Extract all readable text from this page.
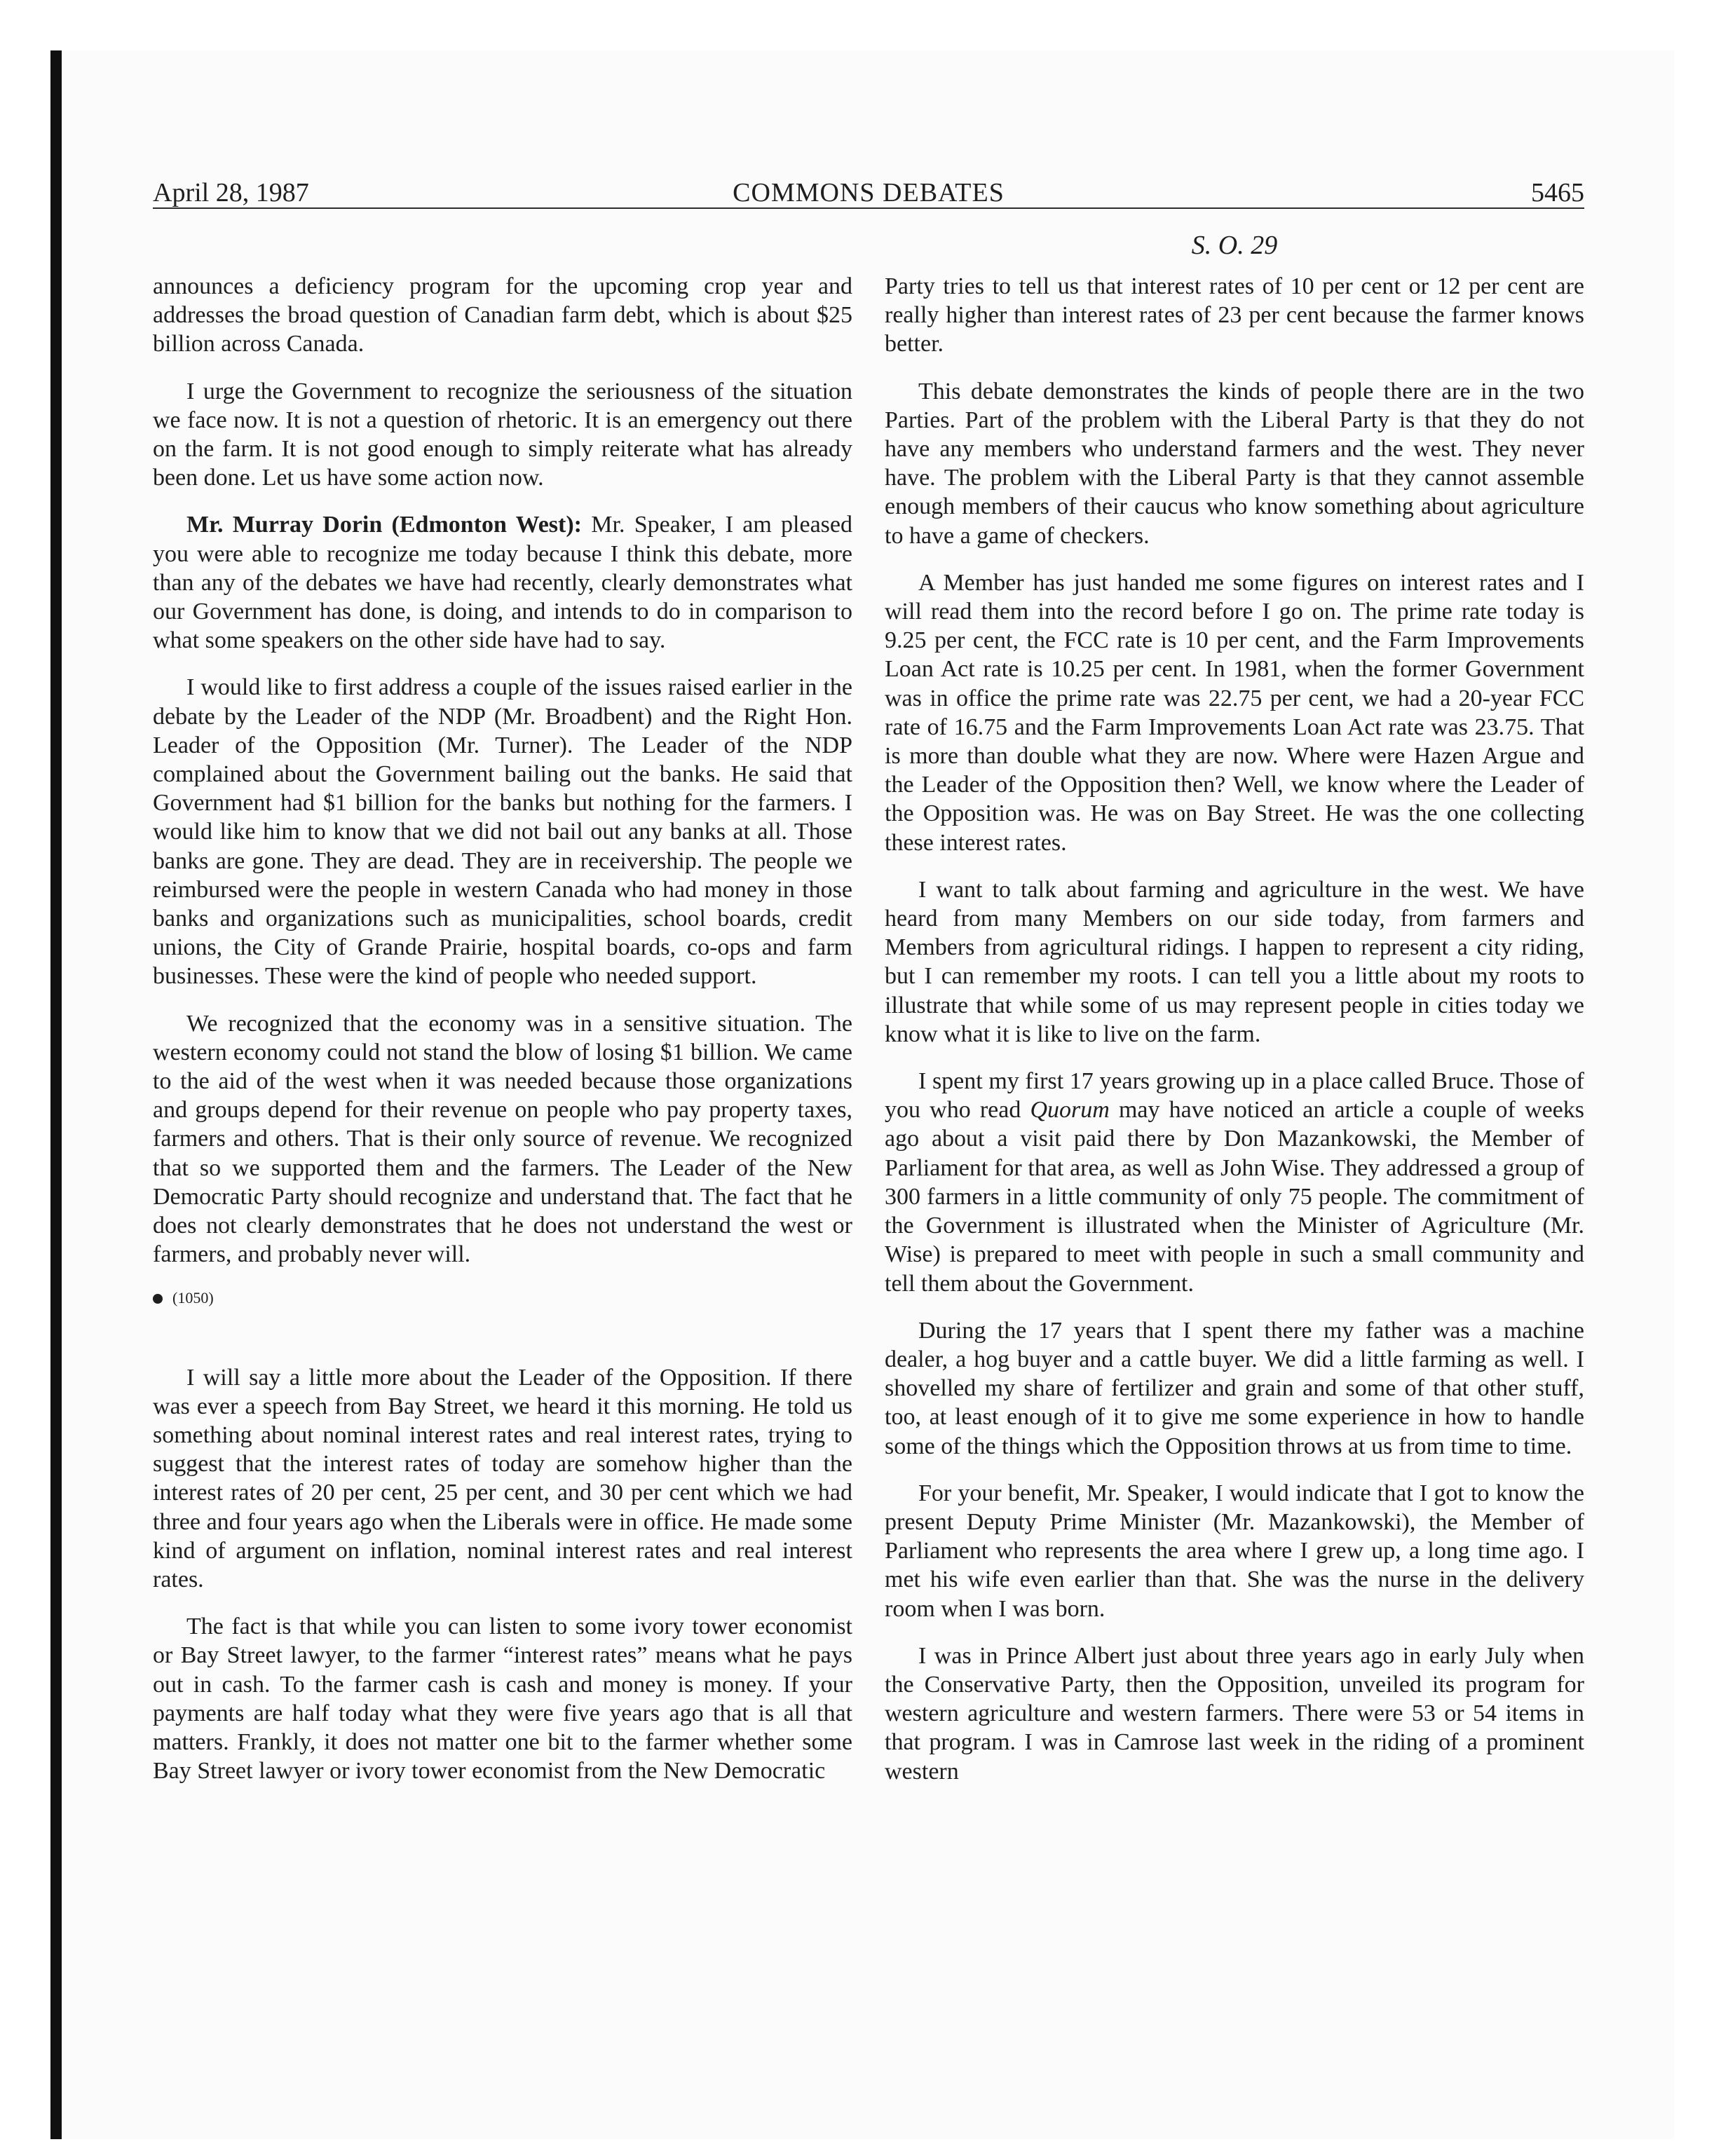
April 28, 1987	COMMONS DEBATES	5465
S. O. 29

announces a deficiency program for the upcoming crop year and addresses the broad question of Canadian farm debt, which is about $25 billion across Canada.

I urge the Government to recognize the seriousness of the situation we face now. It is not a question of rhetoric. It is an emergency out there on the farm. It is not good enough to simply reiterate what has already been done. Let us have some action now.

Mr. Murray Dorin (Edmonton West): Mr. Speaker, I am pleased you were able to recognize me today because I think this debate, more than any of the debates we have had recently, clearly demonstrates what our Government has done, is doing, and intends to do in comparison to what some speakers on the other side have had to say.

I would like to first address a couple of the issues raised earlier in the debate by the Leader of the NDP (Mr. Broadbent) and the Right Hon. Leader of the Opposition (Mr. Turner). The Leader of the NDP complained about the Government bailing out the banks. He said that Government had $1 billion for the banks but nothing for the farmers. I would like him to know that we did not bail out any banks at all. Those banks are gone. They are dead. They are in receivership. The people we reimbursed were the people in western Canada who had money in those banks and organizations such as municipalities, school boards, credit unions, the City of Grande Prairie, hospital boards, co-ops and farm businesses. These were the kind of people who needed support.

We recognized that the economy was in a sensitive situation. The western economy could not stand the blow of losing $1 billion. We came to the aid of the west when it was needed because those organizations and groups depend for their revenue on people who pay property taxes, farmers and others. That is their only source of revenue. We recognized that so we supported them and the farmers. The Leader of the New Democratic Party should recognize and understand that. The fact that he does not clearly demonstrates that he does not understand the west or farmers, and probably never will.

(1050)

I will say a little more about the Leader of the Opposition. If there was ever a speech from Bay Street, we heard it this morning. He told us something about nominal interest rates and real interest rates, trying to suggest that the interest rates of today are somehow higher than the interest rates of 20 per cent, 25 per cent, and 30 per cent which we had three and four years ago when the Liberals were in office. He made some kind of argument on inflation, nominal interest rates and real interest rates.

The fact is that while you can listen to some ivory tower economist or Bay Street lawyer, to the farmer “interest rates” means what he pays out in cash. To the farmer cash is cash and money is money. If your payments are half today what they were five years ago that is all that matters. Frankly, it does not matter one bit to the farmer whether some Bay Street lawyer or ivory tower economist from the New Democratic

Party tries to tell us that interest rates of 10 per cent or 12 per cent are really higher than interest rates of 23 per cent because the farmer knows better.

This debate demonstrates the kinds of people there are in the two Parties. Part of the problem with the Liberal Party is that they do not have any members who understand farmers and the west. They never have. The problem with the Liberal Party is that they cannot assemble enough members of their caucus who know something about agriculture to have a game of checkers.

A Member has just handed me some figures on interest rates and I will read them into the record before I go on. The prime rate today is 9.25 per cent, the FCC rate is 10 per cent, and the Farm Improvements Loan Act rate is 10.25 per cent. In 1981, when the former Government was in office the prime rate was 22.75 per cent, we had a 20-year FCC rate of 16.75 and the Farm Improvements Loan Act rate was 23.75. That is more than double what they are now. Where were Hazen Argue and the Leader of the Opposition then? Well, we know where the Leader of the Opposition was. He was on Bay Street. He was the one collecting these interest rates.

I want to talk about farming and agriculture in the west. We have heard from many Members on our side today, from farmers and Members from agricultural ridings. I happen to represent a city riding, but I can remember my roots. I can tell you a little about my roots to illustrate that while some of us may represent people in cities today we know what it is like to live on the farm.

I spent my first 17 years growing up in a place called Bruce. Those of you who read Quorum may have noticed an article a couple of weeks ago about a visit paid there by Don Mazankowski, the Member of Parliament for that area, as well as John Wise. They addressed a group of 300 farmers in a little community of only 75 people. The commitment of the Government is illustrated when the Minister of Agriculture (Mr. Wise) is prepared to meet with people in such a small community and tell them about the Government.

During the 17 years that I spent there my father was a machine dealer, a hog buyer and a cattle buyer. We did a little farming as well. I shovelled my share of fertilizer and grain and some of that other stuff, too, at least enough of it to give me some experience in how to handle some of the things which the Opposition throws at us from time to time.

For your benefit, Mr. Speaker, I would indicate that I got to know the present Deputy Prime Minister (Mr. Mazankowski), the Member of Parliament who represents the area where I grew up, a long time ago. I met his wife even earlier than that. She was the nurse in the delivery room when I was born.

I was in Prince Albert just about three years ago in early July when the Conservative Party, then the Opposition, unveiled its program for western agriculture and western farmers. There were 53 or 54 items in that program. I was in Camrose last week in the riding of a prominent western
